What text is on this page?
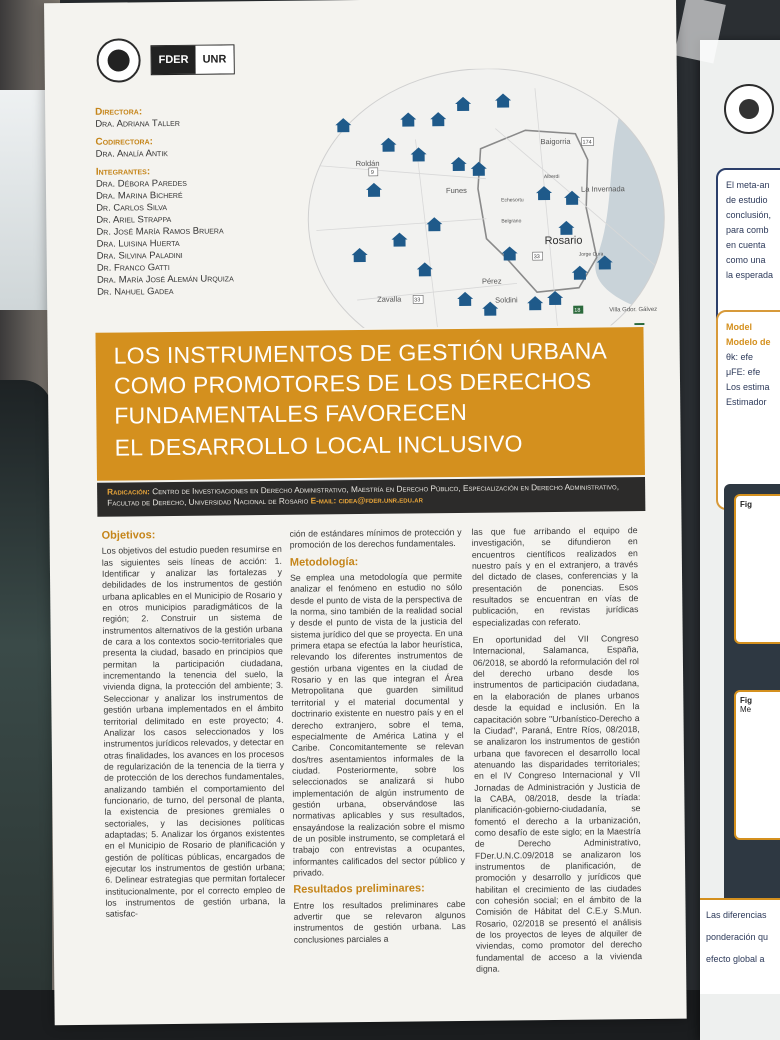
El meta-an
de estudio
conclusión,
para comb
en cuenta
como una
la esperada
Model
Modelo de
θk: efe
μFE: efe
Los estima
Estimador
Fig
Fig
Me
Las diferencias
ponderación qu
efecto global a
FDER	UNR
Directora:
Dra. Adriana Taller
Codirectora:
Dra. Analía Antik
Integrantes:
Dra. Débora Paredes
Dra. Marina Bicheré
Dr. Carlos Silva
Dr. Ariel Strappa
Dr. José María Ramos Bruera
Dra. Luisina Huerta
Dra. Silvina Paladini
Dr. Franco Gatti
Dra. María José Alemán Urquiza
Dr. Nahuel Gadea
Roldán
Funes
Baigorria
Alberdi
La Invernada
Echesortu
Belgrano
Rosario
Jorge Cura
Pérez
Zavalla	Soldini
Villa Gdor. Gálvez
9
174
33
33
18
LOS INSTRUMENTOS DE GESTIÓN URBANA
COMO PROMOTORES DE LOS DERECHOS
FUNDAMENTALES FAVORECEN
EL DESARROLLO LOCAL INCLUSIVO
Radicación: Centro de Investigaciones en Derecho Administrativo, Maestría en Derecho Público, Especialización en Derecho Administrativo, Facultad de Derecho, Universidad Nacional de Rosario E-mail: cidea@fder.unr.edu.ar
Objetivos:

Los objetivos del estudio pueden resumirse en las siguientes seis líneas de acción: 1. Identificar y analizar las fortalezas y debilidades de los instrumentos de gestión urbana aplicables en el Municipio de Rosario y en otros municipios paradigmáticos de la región; 2. Construir un sistema de instrumentos alternativos de la gestión urbana de cara a los contextos socio-territoriales que presenta la ciudad, basado en principios que permitan la participación ciudadana, incrementando la tenencia del suelo, la vivienda digna, la protección del ambiente; 3. Seleccionar y analizar los instrumentos de gestión urbana implementados en el ámbito territorial delimitado en este proyecto; 4. Analizar los casos seleccionados y los instrumentos jurídicos relevados, y detectar en otras finalidades, los avances en los procesos de regularización de la tenencia de la tierra y de protección de los derechos fundamentales, analizando también el comportamiento del funcionario, de turno, del personal de planta, la existencia de presiones gremiales o sectoriales, y las decisiones políticas adaptadas; 5. Analizar los órganos existentes en el Municipio de Rosario de planificación y gestión de políticas públicas, encargados de ejecutar los instrumentos de gestión urbana; 6. Delinear estrategias que permitan fortalecer institucionalmente, por el correcto empleo de los instrumentos de gestión urbana, la satisfac-

ción de estándares mínimos de protección y promoción de los derechos fundamentales.

Metodología:

Se emplea una metodología que permite analizar el fenómeno en estudio no sólo desde el punto de vista de la perspectiva de la norma, sino también de la realidad social y desde el punto de vista de la justicia del sistema jurídico del que se proyecta. En una primera etapa se efectúa la labor heurística, relevando los diferentes instrumentos de gestión urbana vigentes en la ciudad de Rosario y en las que integran el Área Metropolitana que guarden similitud territorial y el material documental y doctrinario existente en nuestro país y en el derecho extranjero, sobre el tema, especialmente de América Latina y el Caribe. Concomitantemente se relevan dos/tres asentamientos informales de la ciudad. Posteriormente, sobre los seleccionados se analizará si hubo implementación de algún instrumento de gestión urbana, observándose las normativas aplicables y sus resultados, ensayándose la realización sobre el mismo de un posible instrumento, se completará el trabajo con entrevistas a ocupantes, informantes calificados del sector público y privado.

Resultados preliminares:

Entre los resultados preliminares cabe advertir que se relevaron algunos instrumentos de gestión urbana. Las conclusiones parciales a

las que fue arribando el equipo de investigación, se difundieron en encuentros científicos realizados en nuestro país y en el extranjero, a través del dictado de clases, conferencias y la presentación de ponencias. Esos resultados se encuentran en vías de publicación, en revistas jurídicas especializadas con referato.

En oportunidad del VII Congreso Internacional, Salamanca, España, 06/2018, se abordó la reformulación del rol del derecho urbano desde los instrumentos de participación ciudadana, en la elaboración de planes urbanos desde la equidad e inclusión. En la capacitación sobre "Urbanístico-Derecho a la Ciudad", Paraná, Entre Ríos, 08/2018, se analizaron los instrumentos de gestión urbana que favorecen el desarrollo local atenuando las disparidades territoriales; en el IV Congreso Internacional y VII Jornadas de Administración y Justicia de la CABA, 08/2018, desde la tríada: planificación-gobierno-ciudadanía, se fomentó el derecho a la urbanización, como desafío de este siglo; en la Maestría de Derecho Administrativo, FDer.U.N.C.09/2018 se analizaron los instrumentos de planificación, de promoción y desarrollo y jurídicos que habilitan el crecimiento de las ciudades con cohesión social; en el ámbito de la Comisión de Hábitat del C.E.y S.Mun. Rosario, 02/2018 se presentó el análisis de los proyectos de leyes de alquiler de viviendas, como promotor del derecho fundamental de acceso a la vivienda digna.
